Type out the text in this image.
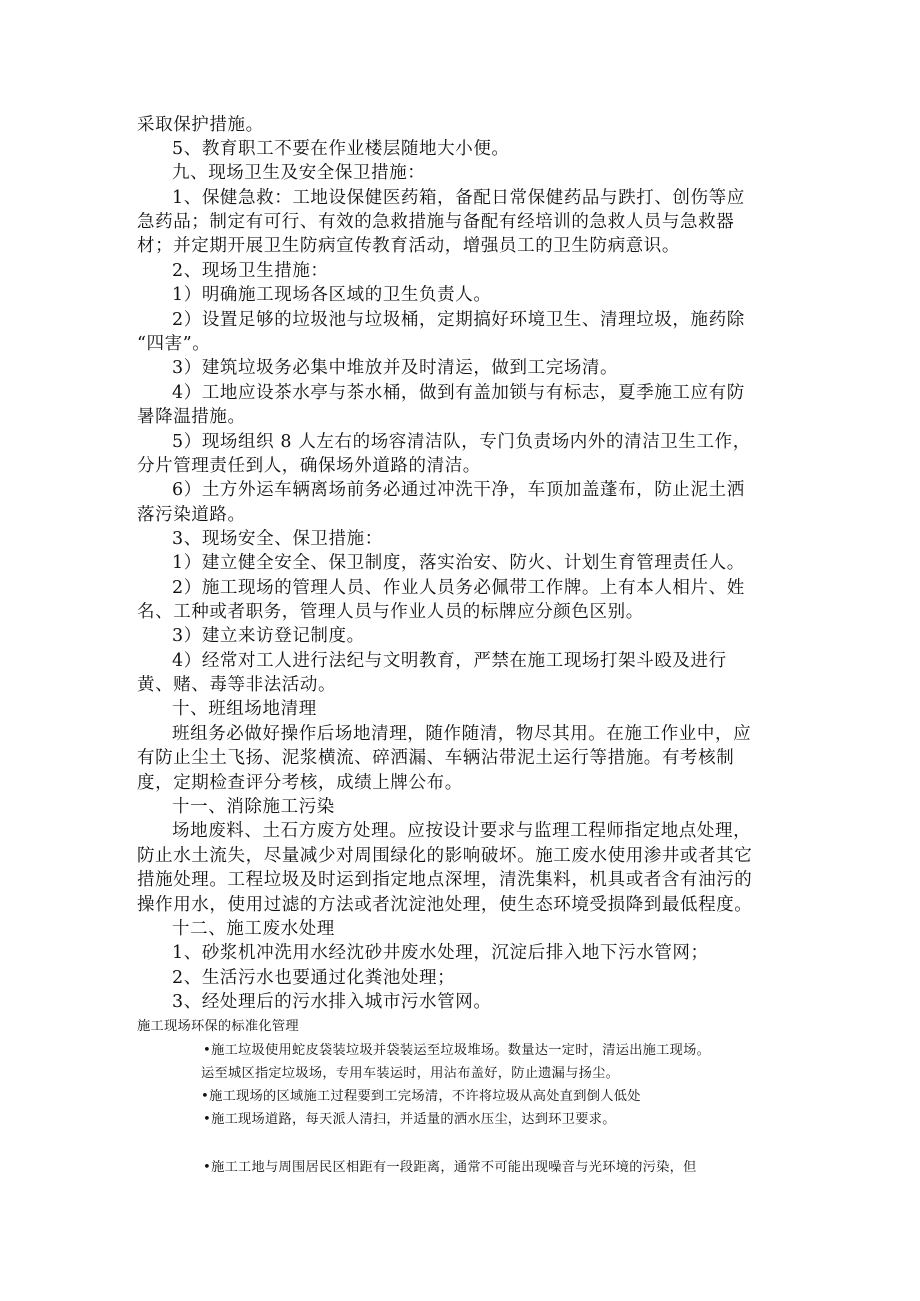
采取保护措施。
5、教育职工不要在作业楼层随地大小便。
九、现场卫生及安全保卫措施：
1、保健急救：工地设保健医药箱，备配日常保健药品与跌打、创伤等应
急药品；制定有可行、有效的急救措施与备配有经培训的急救人员与急救器
材；并定期开展卫生防病宣传教育活动，增强员工的卫生防病意识。
2、现场卫生措施：
1）明确施工现场各区域的卫生负责人。
2）设置足够的垃圾池与垃圾桶，定期搞好环境卫生、清理垃圾，施药除
“四害”。
3）建筑垃圾务必集中堆放并及时清运，做到工完场清。
4）工地应设茶水亭与茶水桶，做到有盖加锁与有标志，夏季施工应有防
暑降温措施。
5）现场组织 8 人左右的场容清洁队，专门负责场内外的清洁卫生工作，
分片管理责任到人，确保场外道路的清洁。
6）土方外运车辆离场前务必通过冲洗干净，车顶加盖蓬布，防止泥土洒
落污染道路。
3、现场安全、保卫措施：
1）建立健全安全、保卫制度，落实治安、防火、计划生育管理责任人。
2）施工现场的管理人员、作业人员务必佩带工作牌。上有本人相片、姓
名、工种或者职务，管理人员与作业人员的标牌应分颜色区别。
3）建立来访登记制度。
4）经常对工人进行法纪与文明教育，严禁在施工现场打架斗殴及进行
黄、赌、毒等非法活动。
十、班组场地清理
班组务必做好操作后场地清理，随作随清，物尽其用。在施工作业中，应
有防止尘土飞扬、泥浆横流、碎洒漏、车辆沾带泥土运行等措施。有考核制
度，定期检查评分考核，成绩上牌公布。
十一、消除施工污染
场地废料、土石方废方处理。应按设计要求与监理工程师指定地点处理，
防止水土流失，尽量减少对周围绿化的影响破坏。施工废水使用渗井或者其它
措施处理。工程垃圾及时运到指定地点深埋，清洗集料，机具或者含有油污的
操作用水，使用过滤的方法或者沈淀池处理，使生态环境受损降到最低程度。
十二、施工废水处理
1、砂浆机冲洗用水经沈砂井废水处理，沉淀后排入地下污水管网；
2、生活污水也要通过化粪池处理；
3、经处理后的污水排入城市污水管网。
施工现场环保的标准化管理
•施工垃圾使用蛇皮袋装垃圾并袋装运至垃圾堆场。数量达一定时，清运出施工现场。
运至城区指定垃圾场，专用车装运时，用沾布盖好，防止遗漏与扬尘。
•施工现场的区域施工过程要到工完场清，不许将垃圾从高处直到倒人低处
•施工现场道路，每天派人清扫，并适量的洒水压尘，达到环卫要求。
•施工工地与周围居民区相距有一段距离，通常不可能出现噪音与光环境的污染，但
